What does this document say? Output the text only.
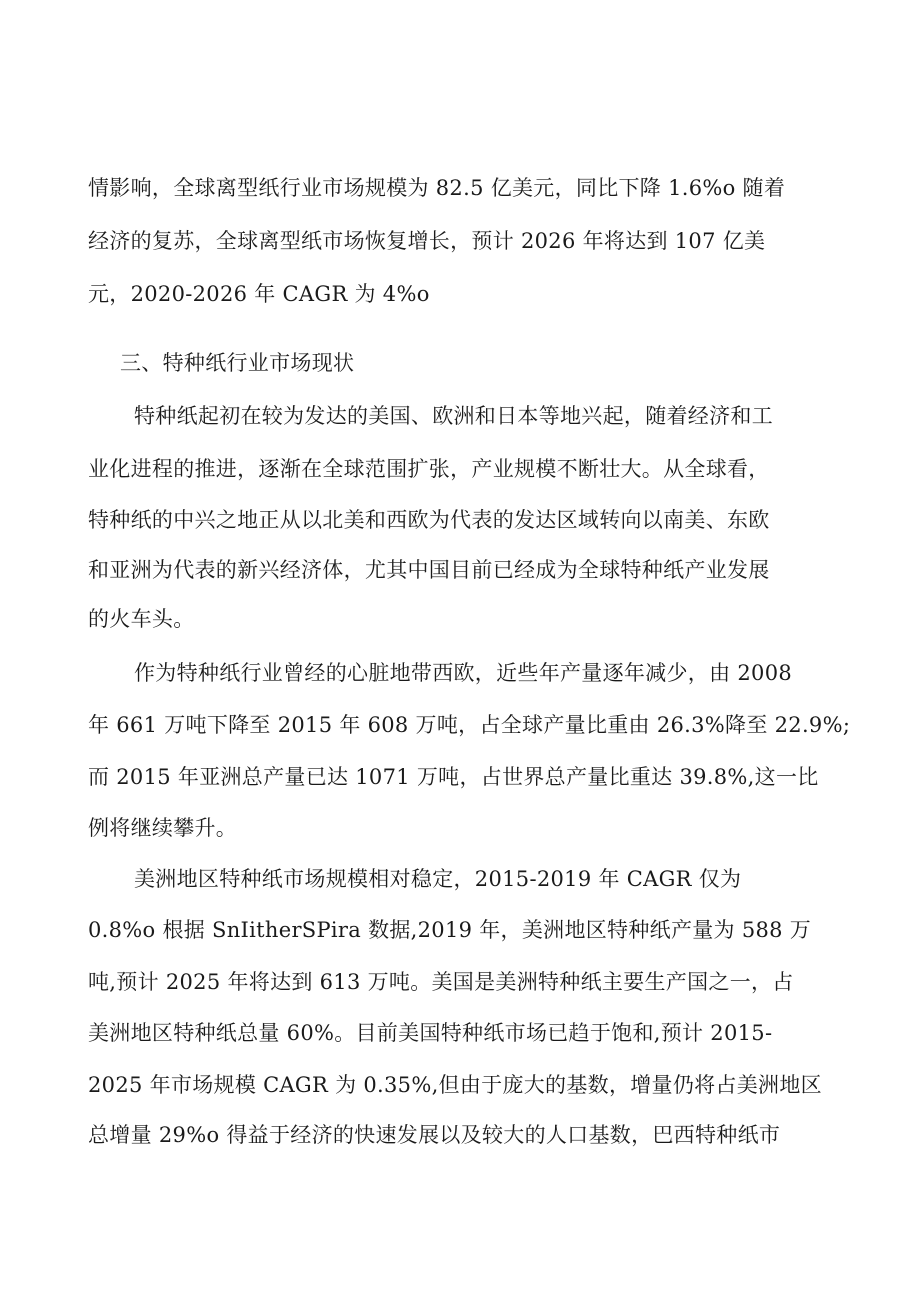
情影响，全球离型纸行业市场规模为 82.5 亿美元，同比下降 1.6%o 随着
经济的复苏，全球离型纸市场恢复增长，预计 2026 年将达到 107 亿美
元，2020-2026 年 CAGR 为 4%o
三、特种纸行业市场现状
特种纸起初在较为发达的美国、欧洲和日本等地兴起，随着经济和工
业化进程的推进，逐渐在全球范围扩张，产业规模不断壮大。从全球看，
特种纸的中兴之地正从以北美和西欧为代表的发达区域转向以南美、东欧
和亚洲为代表的新兴经济体，尤其中国目前已经成为全球特种纸产业发展
的火车头。
作为特种纸行业曾经的心脏地带西欧，近些年产量逐年减少，由 2008
年 661 万吨下降至 2015 年 608 万吨，占全球产量比重由 26.3%降至 22.9%;
而 2015 年亚洲总产量已达 1071 万吨，占世界总产量比重达 39.8%,这一比
例将继续攀升。
美洲地区特种纸市场规模相对稳定，2015-2019 年 CAGR 仅为
0.8%o 根据 SnIitherSPira 数据,2019 年，美洲地区特种纸产量为 588 万
吨,预计 2025 年将达到 613 万吨。美国是美洲特种纸主要生产国之一，占
美洲地区特种纸总量 60%。目前美国特种纸市场已趋于饱和,预计 2015-
2025 年市场规模 CAGR 为 0.35%,但由于庞大的基数，增量仍将占美洲地区
总增量 29%o 得益于经济的快速发展以及较大的人口基数，巴西特种纸市
